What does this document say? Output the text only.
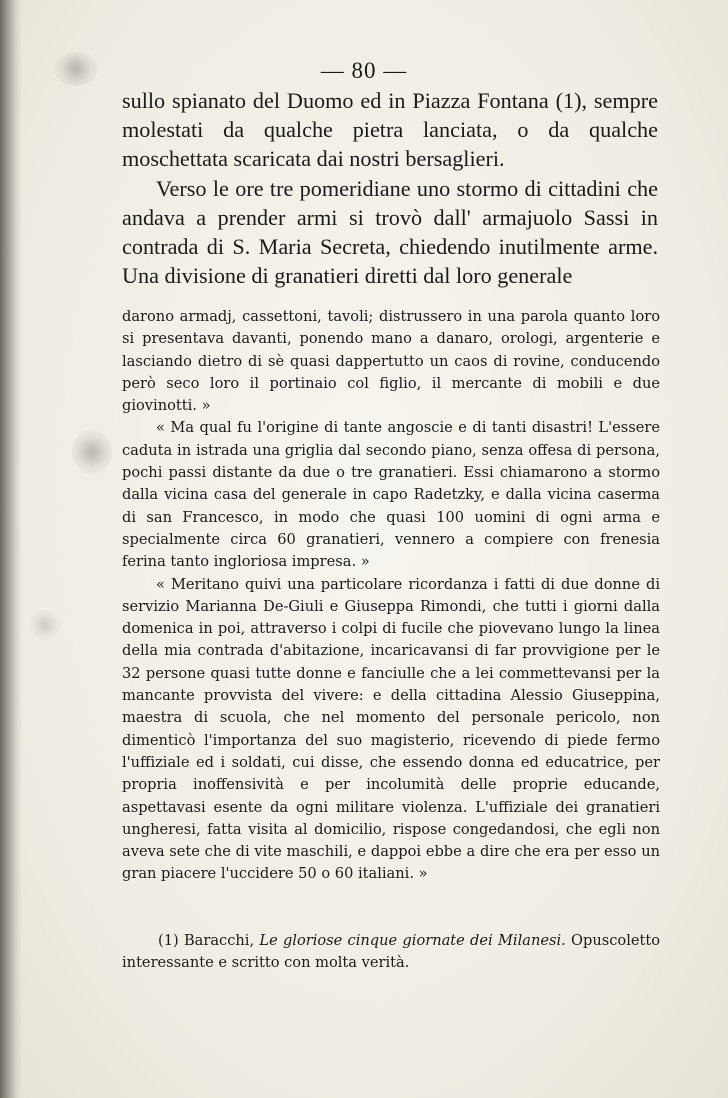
— 80 —

sullo spianato del Duomo ed in Piazza Fontana (1), sempre molestati da qualche pietra lanciata, o da qualche moschettata scaricata dai nostri bersaglieri.

Verso le ore tre pomeridiane uno stormo di cittadini che andava a prender armi si trovò dall' armajuolo Sassi in contrada di S. Maria Secreta, chiedendo inutilmente arme. Una divisione di granatieri diretti dal loro generale

darono armadj, cassettoni, tavoli; distrussero in una parola quanto loro si presentava davanti, ponendo mano a danaro, orologi, argenterie e lasciando dietro di sè quasi dappertutto un caos di rovine, conducendo però seco loro il portinaio col figlio, il mercante di mobili e due giovinotti. »

« Ma qual fu l'origine di tante angoscie e di tanti disastri! L'essere caduta in istrada una griglia dal secondo piano, senza offesa di persona, pochi passi distante da due o tre granatieri. Essi chiamarono a stormo dalla vicina casa del generale in capo Radetzky, e dalla vicina caserma di san Francesco, in modo che quasi 100 uomini di ogni arma e specialmente circa 60 granatieri, vennero a compiere con frenesia ferina tanto ingloriosa impresa. »

« Meritano quivi una particolare ricordanza i fatti di due donne di servizio Marianna De-Giuli e Giuseppa Rimondi, che tutti i giorni dalla domenica in poi, attraverso i colpi di fucile che piovevano lungo la linea della mia contrada d'abitazione, incaricavansi di far provvigione per le 32 persone quasi tutte donne e fanciulle che a lei commettevansi per la mancante provvista del vivere: e della cittadina Alessio Giuseppina, maestra di scuola, che nel momento del personale pericolo, non dimenticò l'importanza del suo magisterio, ricevendo di piede fermo l'uffiziale ed i soldati, cui disse, che essendo donna ed educatrice, per propria inoffensività e per incolumità delle proprie educande, aspettavasi esente da ogni militare violenza. L'uffiziale dei granatieri ungheresi, fatta visita al domicilio, rispose congedandosi, che egli non aveva sete che di vite maschili, e dappoi ebbe a dire che era per esso un gran piacere l'uccidere 50 o 60 italiani. »

(1) Baracchi, Le gloriose cinque giornate dei Milanesi. Opuscoletto interessante e scritto con molta verità.
